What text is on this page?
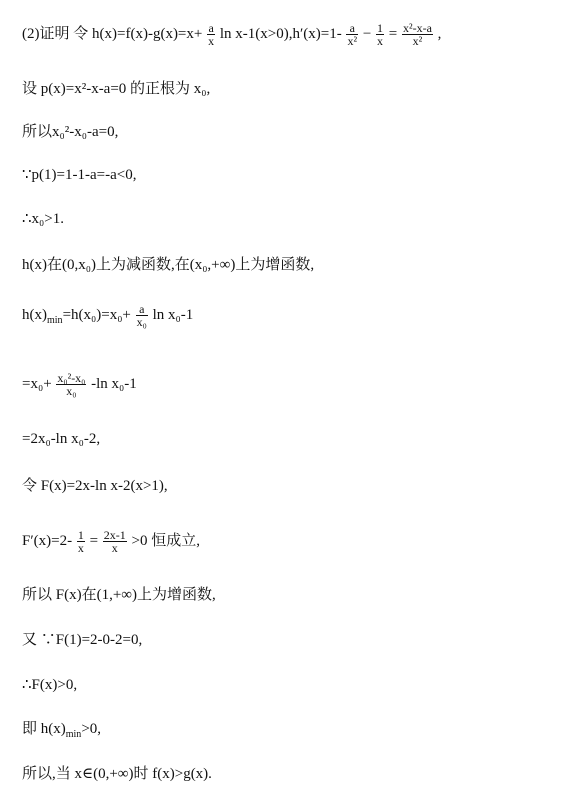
(2)证明 令 $h(x)=f(x)-g(x)=x+ \frac{a}{x}$ $\ln x-1(x>0),h'(x)=1- \frac{a}{\text{x²}} - \frac{1}{x} = \frac{\text{x²-x-a}}{\text{x²}}$ ,
设 p(x)=x²-x-a=0 的正根为 x₀,
所以x₀²-x₀-a=0,
∵p(1)=1-1-a=-a<0,
∴x₀>1.
h(x)在(0,x₀)上为减函数,在(x₀,+∞)上为增函数,
$h(x)_{min}=h(x_0)=x_0+ \frac{a}{\text{x₀}}$ ln x₀-1
$=x_0+ \frac{\text{x₀²-x₀}}{\text{x₀}} -\ln$ x₀-1
=2x₀-ln x₀-2,
令 F(x)=2x-ln x-2(x>1),
$F'(x)=2- \frac{1}{x} = \frac{2x-1}{x} >0$ 恒成立,
所以 F(x)在(1,+∞)上为增函数,
又 ∵F(1)=2-0-2=0,
∴F(x)>0,
即 $h(x)_{min}>0$,
所以,当 x∈(0,+∞)时 f(x)>g(x).
